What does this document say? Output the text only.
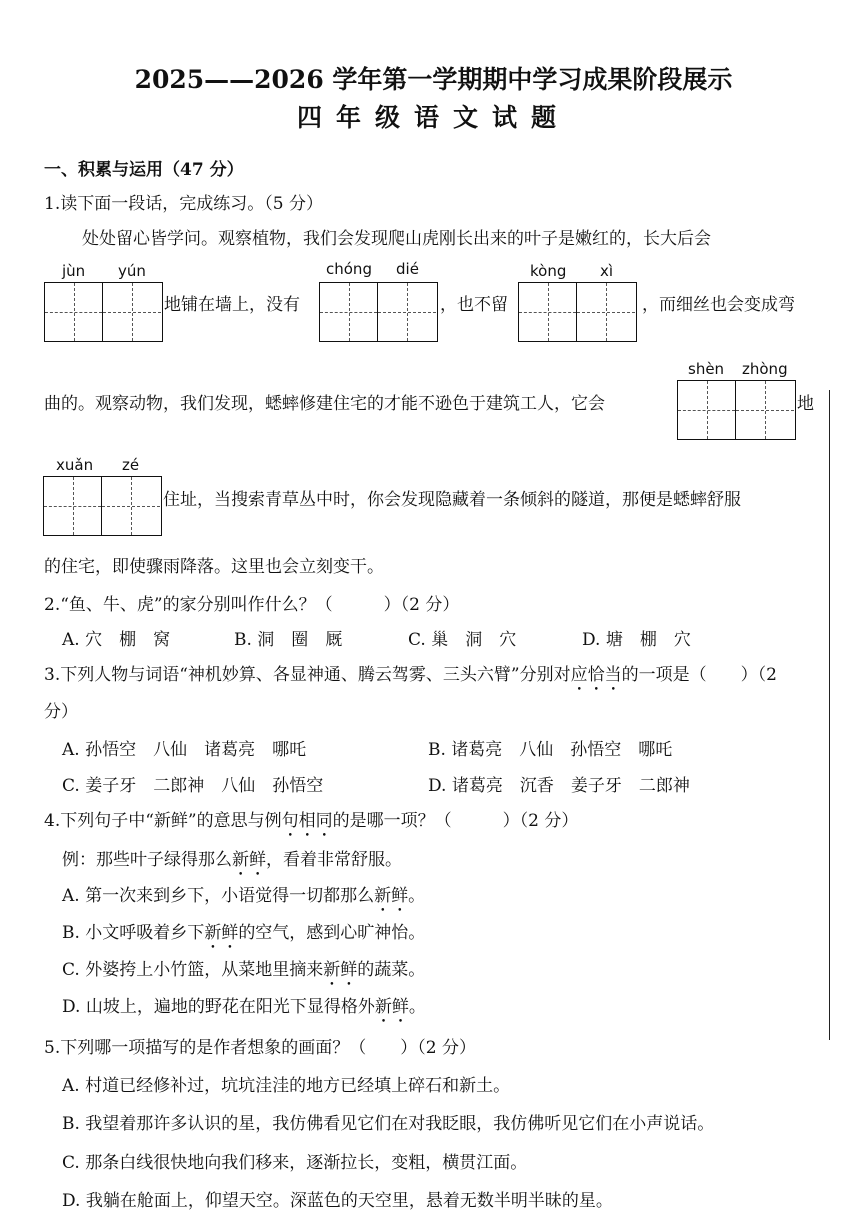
2025——2026 学年第一学期期中学习成果阶段展示
四年级语文试题
一、积累与运用（47 分）
1.读下面一段话，完成练习。（5 分）
处处留心皆学问。观察植物，我们会发现爬山虎刚长出来的叶子是嫩红的，长大后会
jùn yún
地铺在墙上，没有
chóng dié
，也不留
kòng xì
，而细丝也会变成弯
曲的。观察动物，我们发现，蟋蟀修建住宅的才能不逊色于建筑工人，它会
shèn zhòng
地
xuǎn zé
住址，当搜索青草丛中时，你会发现隐藏着一条倾斜的隧道，那便是蟋蟀舒服
的住宅，即使骤雨降落。这里也会立刻变干。
2.“鱼、牛、虎”的家分别叫作什么？（　　　）（2 分）
A. 穴　棚　窝	B. 洞　圈　厩	C. 巢　洞　穴	D. 塘　棚　穴
3.下列人物与词语“神机妙算、各显神通、腾云驾雾、三头六臂”分别对应恰当的一项是（　　）（2
分）
A. 孙悟空　八仙　诸葛亮　哪吒	B. 诸葛亮　八仙　孙悟空　哪吒
C. 姜子牙　二郎神　八仙　孙悟空	D. 诸葛亮　沉香　姜子牙　二郎神
4.下列句子中“新鲜”的意思与例句相同的是哪一项？（　　　）（2 分）
例：那些叶子绿得那么新鲜，看着非常舒服。
A. 第一次来到乡下，小语觉得一切都那么新鲜。
B. 小文呼吸着乡下新鲜的空气，感到心旷神怡。
C. 外婆挎上小竹篮，从菜地里摘来新鲜的蔬菜。
D. 山坡上，遍地的野花在阳光下显得格外新鲜。
5.下列哪一项描写的是作者想象的画面？（　　）（2 分）
A. 村道已经修补过，坑坑洼洼的地方已经填上碎石和新土。
B. 我望着那许多认识的星，我仿佛看见它们在对我眨眼，我仿佛听见它们在小声说话。
C. 那条白线很快地向我们移来，逐渐拉长，变粗，横贯江面。
D. 我躺在舱面上，仰望天空。深蓝色的天空里，悬着无数半明半昧的星。
